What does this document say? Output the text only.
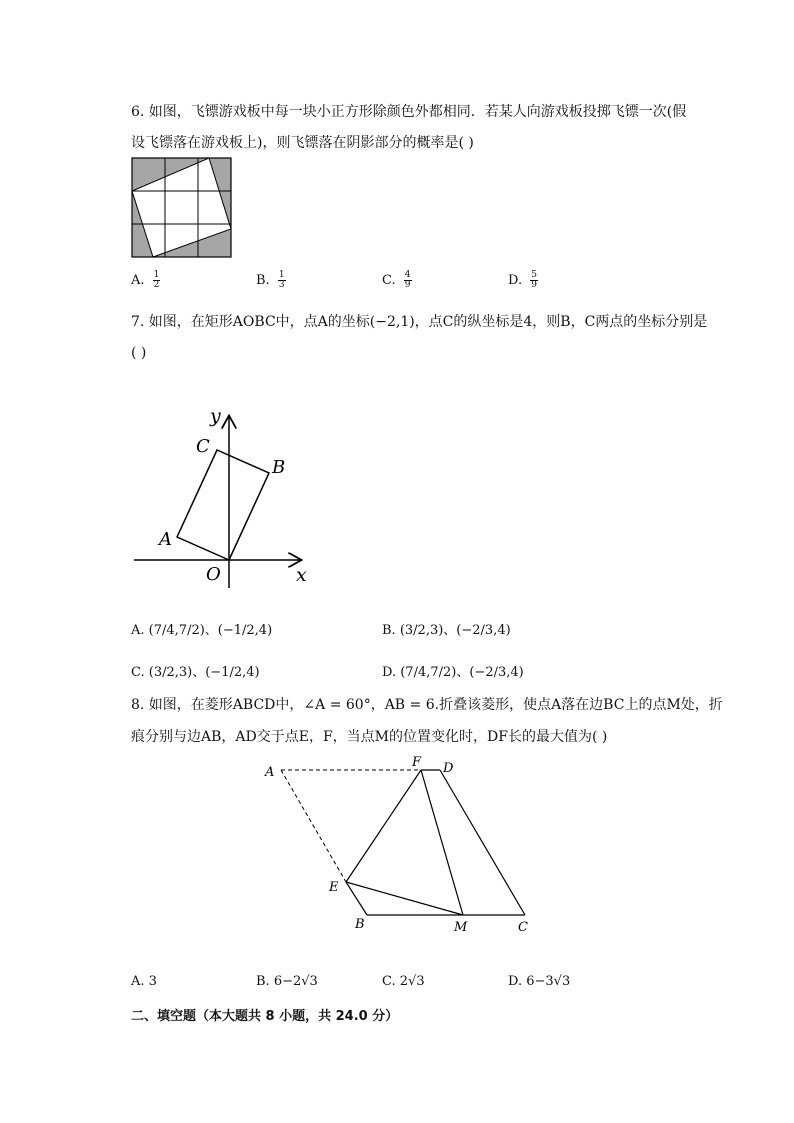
6. 如图，飞镖游戏板中每一块小正方形除颜色外都相同．若某人向游戏板投掷飞镖一次(假
设飞镖落在游戏板上)，则飞镖落在阴影部分的概率是( )
A. $\frac{1}{2}$	B. $\frac{1}{3}$	C. $\frac{4}{9}$	D. $\frac{5}{9}$
7. 如图，在矩形AOBC中，点A的坐标(−2,1)，点C的纵坐标是4，则B，C两点的坐标分别是
( )
y
x
C
B
A
O
A. (7/4,7/2)、(−1/2,4)	B. (3/2,3)、(−2/3,4)
C. (3/2,3)、(−1/2,4)	D. (7/4,7/2)、(−2/3,4)
8. 如图，在菱形ABCD中，∠A = 60°，AB = 6.折叠该菱形，使点A落在边BC上的点M处，折
痕分别与边AB，AD交于点E，F，当点M的位置变化时，DF长的最大值为( )
A
F D
E
B	M	C
A. 3	B. 6−2√3	C. 2√3	D. 6−3√3
二、填空题（本大题共 8 小题，共 24.0 分）
